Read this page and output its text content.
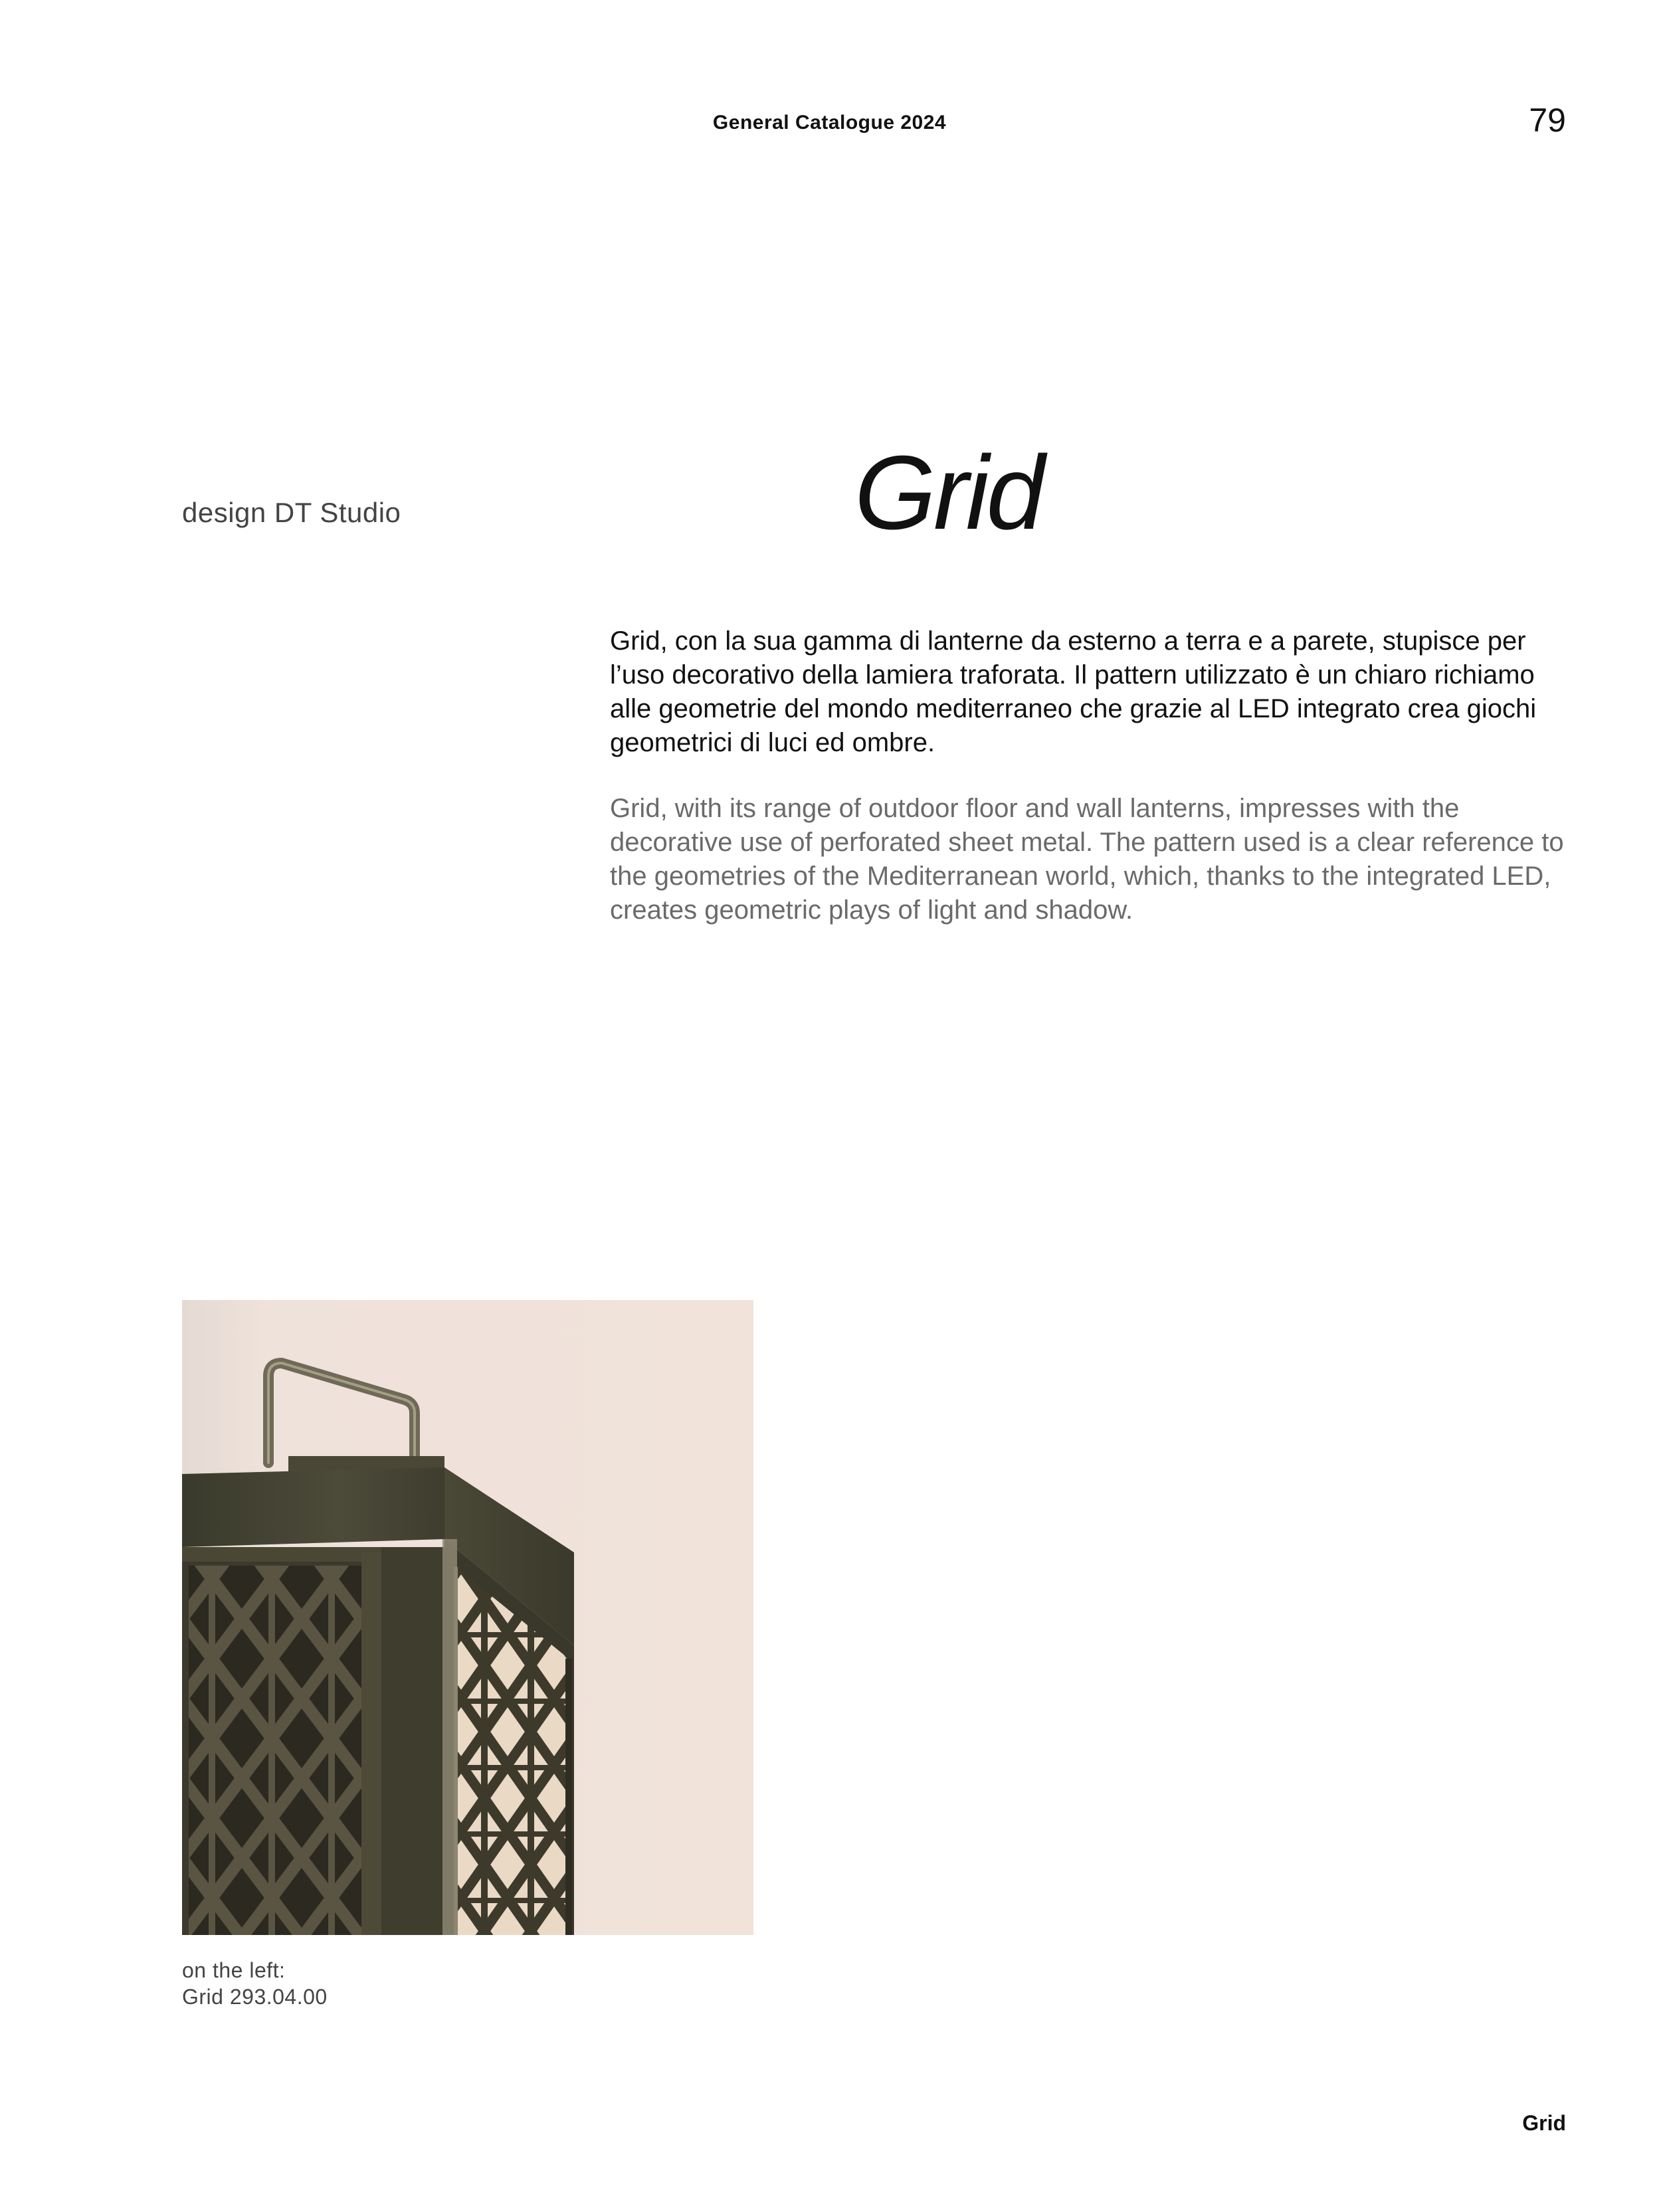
General Catalogue 2024	79
design DT Studio	Grid
Grid, con la sua gamma di lanterne da esterno a terra e a parete, stupisce per l’uso decorativo della lamiera traforata. Il pattern utilizzato è un chiaro richiamo alle geometrie del mondo mediterraneo che grazie al LED integrato crea giochi geometrici di luci ed ombre.
Grid, with its range of outdoor floor and wall lanterns, impresses with the decorative use of perforated sheet metal. The pattern used is a clear reference to the geometries of the Mediterranean world, which, thanks to the integrated LED, creates geometric plays of light and shadow.
on the left:
Grid 293.04.00
Grid
